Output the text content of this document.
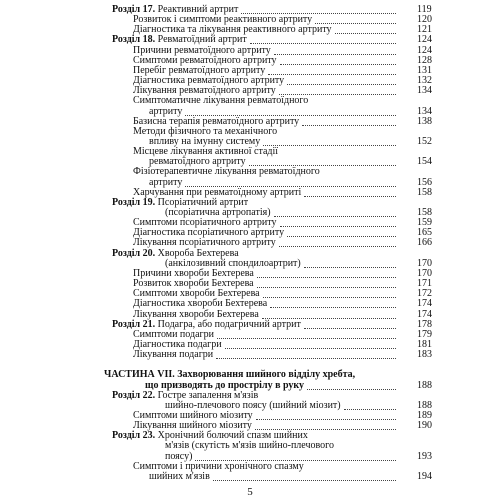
Розділ 17. Реактивний артрит	119
Розвиток і симптоми реактивного артриту	120
Діагностика та лікування реактивного артриту	121
Розділ 18. Ревматоїдний артрит	124
Причини ревматоїдного артриту	124
Симптоми ревматоїдного артриту	128
Перебіг ревматоїдного артриту	131
Діагностика ревматоїдного артриту	132
Лікування ревматоїдного артриту	134
Симптоматичне лікування ревматоїдного
артриту	134
Базисна терапія ревматоїдного артриту	138
Методи фізичного та механічного
впливу на імунну систему	152
Місцеве лікування активної стадії
ревматоїдного артриту	154
Фізіотерапевтичне лікування ревматоїдного
артриту	156
Харчування при ревматоїдному артриті	158
Розділ 19. Псоріатичний артрит
(псоріатична артропатія)	158
Симптоми псоріатичного артриту	159
Діагностика псоріатичного артриту	165
Лікування псоріатичного артриту	166
Розділ 20. Хвороба Бехтерева
(анкілозивний спондилоартрит)	170
Причини хвороби Бехтерева	170
Розвиток хвороби Бехтерева	171
Симптоми хвороби Бехтерева	172
Діагностика хвороби Бехтерева	174
Лікування хвороби Бехтерева	174
Розділ 21. Подагра, або подагричний артрит	178
Симптоми подагри	179
Діагностика подагри	181
Лікування подагри	183
ЧАСТИНА VII. Захворювання шийного відділу хребта,
що призводять до прострілу в руку	188
Розділ 22. Гостре запалення м'язів
шийно-плечового поясу (шийний міозит)	188
Симптоми шийного міозиту	189
Лікування шийного міозиту	190
Розділ 23. Хронічний болючий спазм шийних
м'язів (скутість м'язів шийно-плечового
поясу)	193
Симптоми і причини хронічного спазму
шийних м'язів	194
5
